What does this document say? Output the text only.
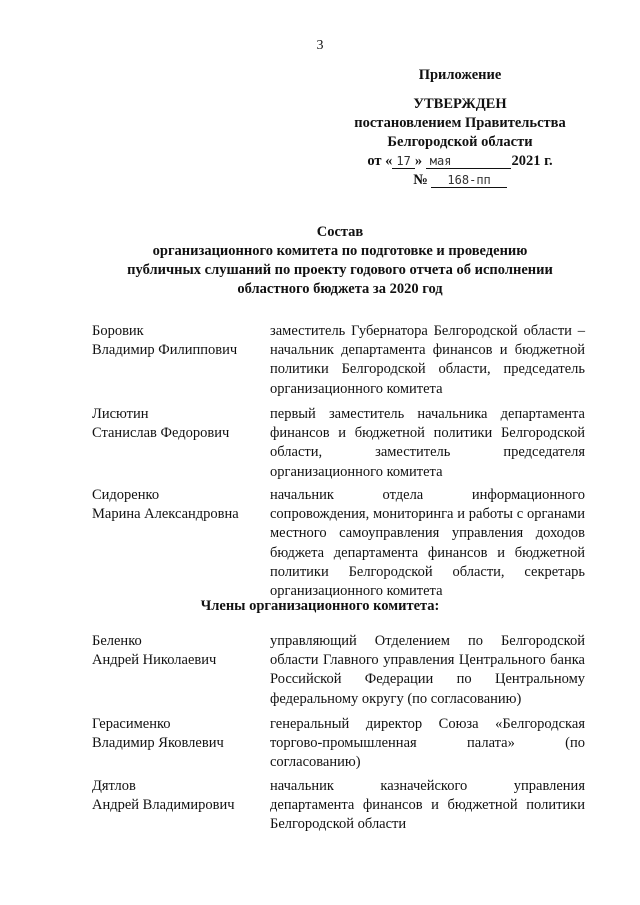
3
Приложение
УТВЕРЖДЕН
постановлением Правительства
Белгородской области
от « 17 » мая	2021 г.
№ 168-пп
Состав
организационного комитета по подготовке и проведению
публичных слушаний по проекту годового отчета об исполнении
областного бюджета за 2020 год
Боровик
Владимир Филиппович
заместитель Губернатора Белгородской области – начальник департамента финансов и бюджетной политики Белгородской области, председатель организационного комитета
Лисютин
Станислав Федорович
первый заместитель начальника департамента финансов и бюджетной политики Белгородской области, заместитель председателя организационного комитета
Сидоренко
Марина Александровна
начальник отдела информационного сопровождения, мониторинга и работы с органами местного самоуправления управления доходов бюджета департамента финансов и бюджетной политики Белгородской области, секретарь организационного комитета
Члены организационного комитета:
Беленко
Андрей Николаевич
управляющий Отделением по Белгородской области Главного управления Центрального банка Российской Федерации по Центральному федеральному округу (по согласованию)
Герасименко
Владимир Яковлевич
генеральный директор Союза «Белгородская торгово-промышленная палата» (по согласованию)
Дятлов
Андрей Владимирович
начальник казначейского управления департамента финансов и бюджетной политики Белгородской области
